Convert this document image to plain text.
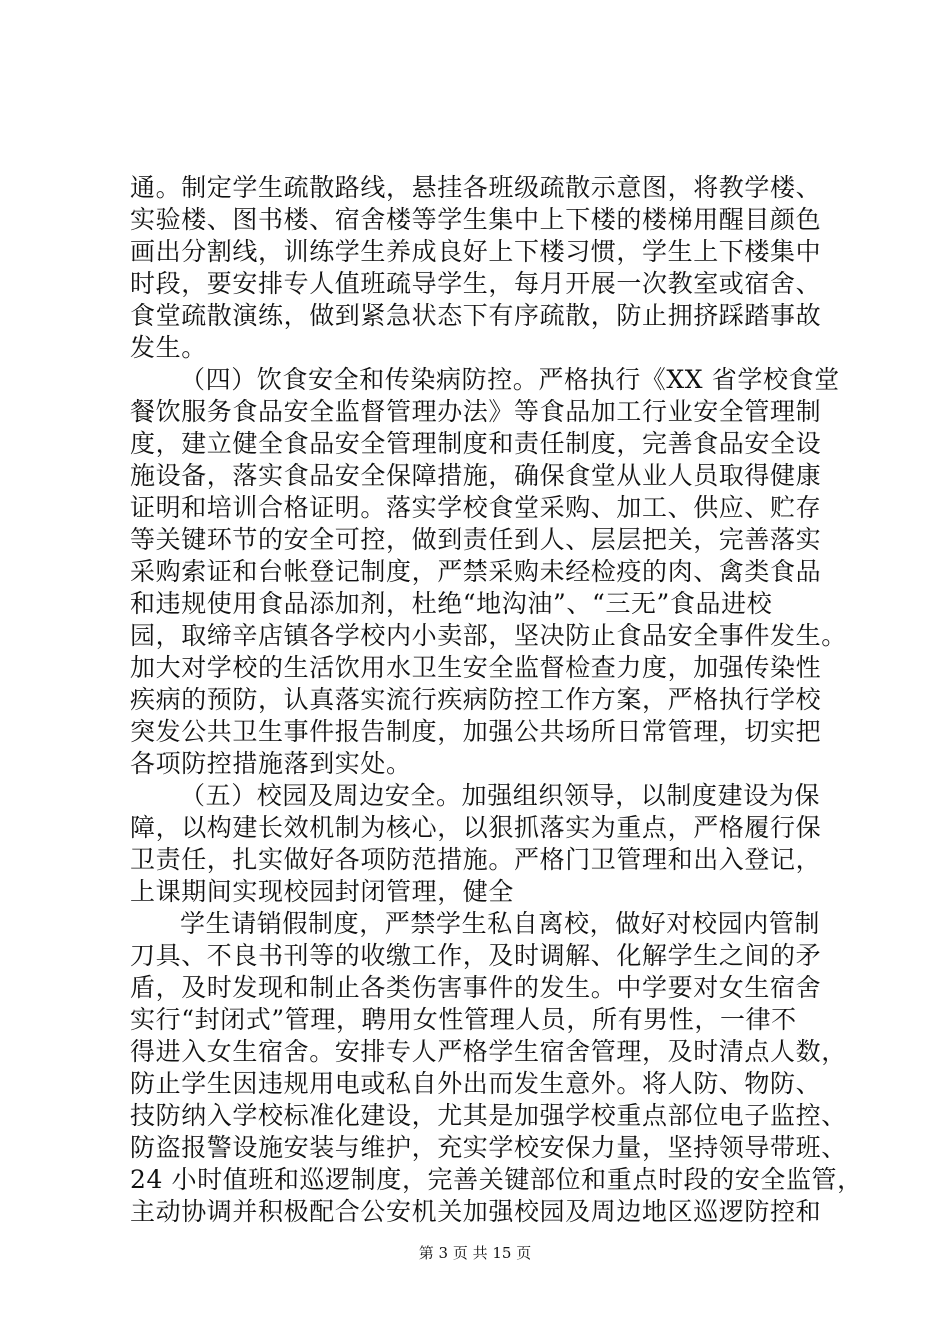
通。制定学生疏散路线，悬挂各班级疏散示意图，将教学楼、
实验楼、图书楼、宿舍楼等学生集中上下楼的楼梯用醒目颜色
画出分割线，训练学生养成良好上下楼习惯，学生上下楼集中
时段，要安排专人值班疏导学生，每月开展一次教室或宿舍、
食堂疏散演练，做到紧急状态下有序疏散，防止拥挤踩踏事故
发生。
（四）饮食安全和传染病防控。严格执行《XX 省学校食堂
餐饮服务食品安全监督管理办法》等食品加工行业安全管理制
度，建立健全食品安全管理制度和责任制度，完善食品安全设
施设备，落实食品安全保障措施，确保食堂从业人员取得健康
证明和培训合格证明。落实学校食堂采购、加工、供应、贮存
等关键环节的安全可控，做到责任到人、层层把关，完善落实
采购索证和台帐登记制度，严禁采购未经检疫的肉、禽类食品
和违规使用食品添加剂，杜绝“地沟油”、“三无”食品进校
园，取缔辛店镇各学校内小卖部，坚决防止食品安全事件发生。
加大对学校的生活饮用水卫生安全监督检查力度，加强传染性
疾病的预防，认真落实流行疾病防控工作方案，严格执行学校
突发公共卫生事件报告制度，加强公共场所日常管理，切实把
各项防控措施落到实处。
（五）校园及周边安全。加强组织领导，以制度建设为保
障，以构建长效机制为核心，以狠抓落实为重点，严格履行保
卫责任，扎实做好各项防范措施。严格门卫管理和出入登记，
上课期间实现校园封闭管理，健全
学生请销假制度，严禁学生私自离校，做好对校园内管制
刀具、不良书刊等的收缴工作，及时调解、化解学生之间的矛
盾，及时发现和制止各类伤害事件的发生。中学要对女生宿舍
实行“封闭式”管理，聘用女性管理人员，所有男性，一律不
得进入女生宿舍。安排专人严格学生宿舍管理，及时清点人数，
防止学生因违规用电或私自外出而发生意外。将人防、物防、
技防纳入学校标准化建设，尤其是加强学校重点部位电子监控、
防盗报警设施安装与维护，充实学校安保力量，坚持领导带班、
24 小时值班和巡逻制度，完善关键部位和重点时段的安全监管，
主动协调并积极配合公安机关加强校园及周边地区巡逻防控和
第 3 页 共 15 页
